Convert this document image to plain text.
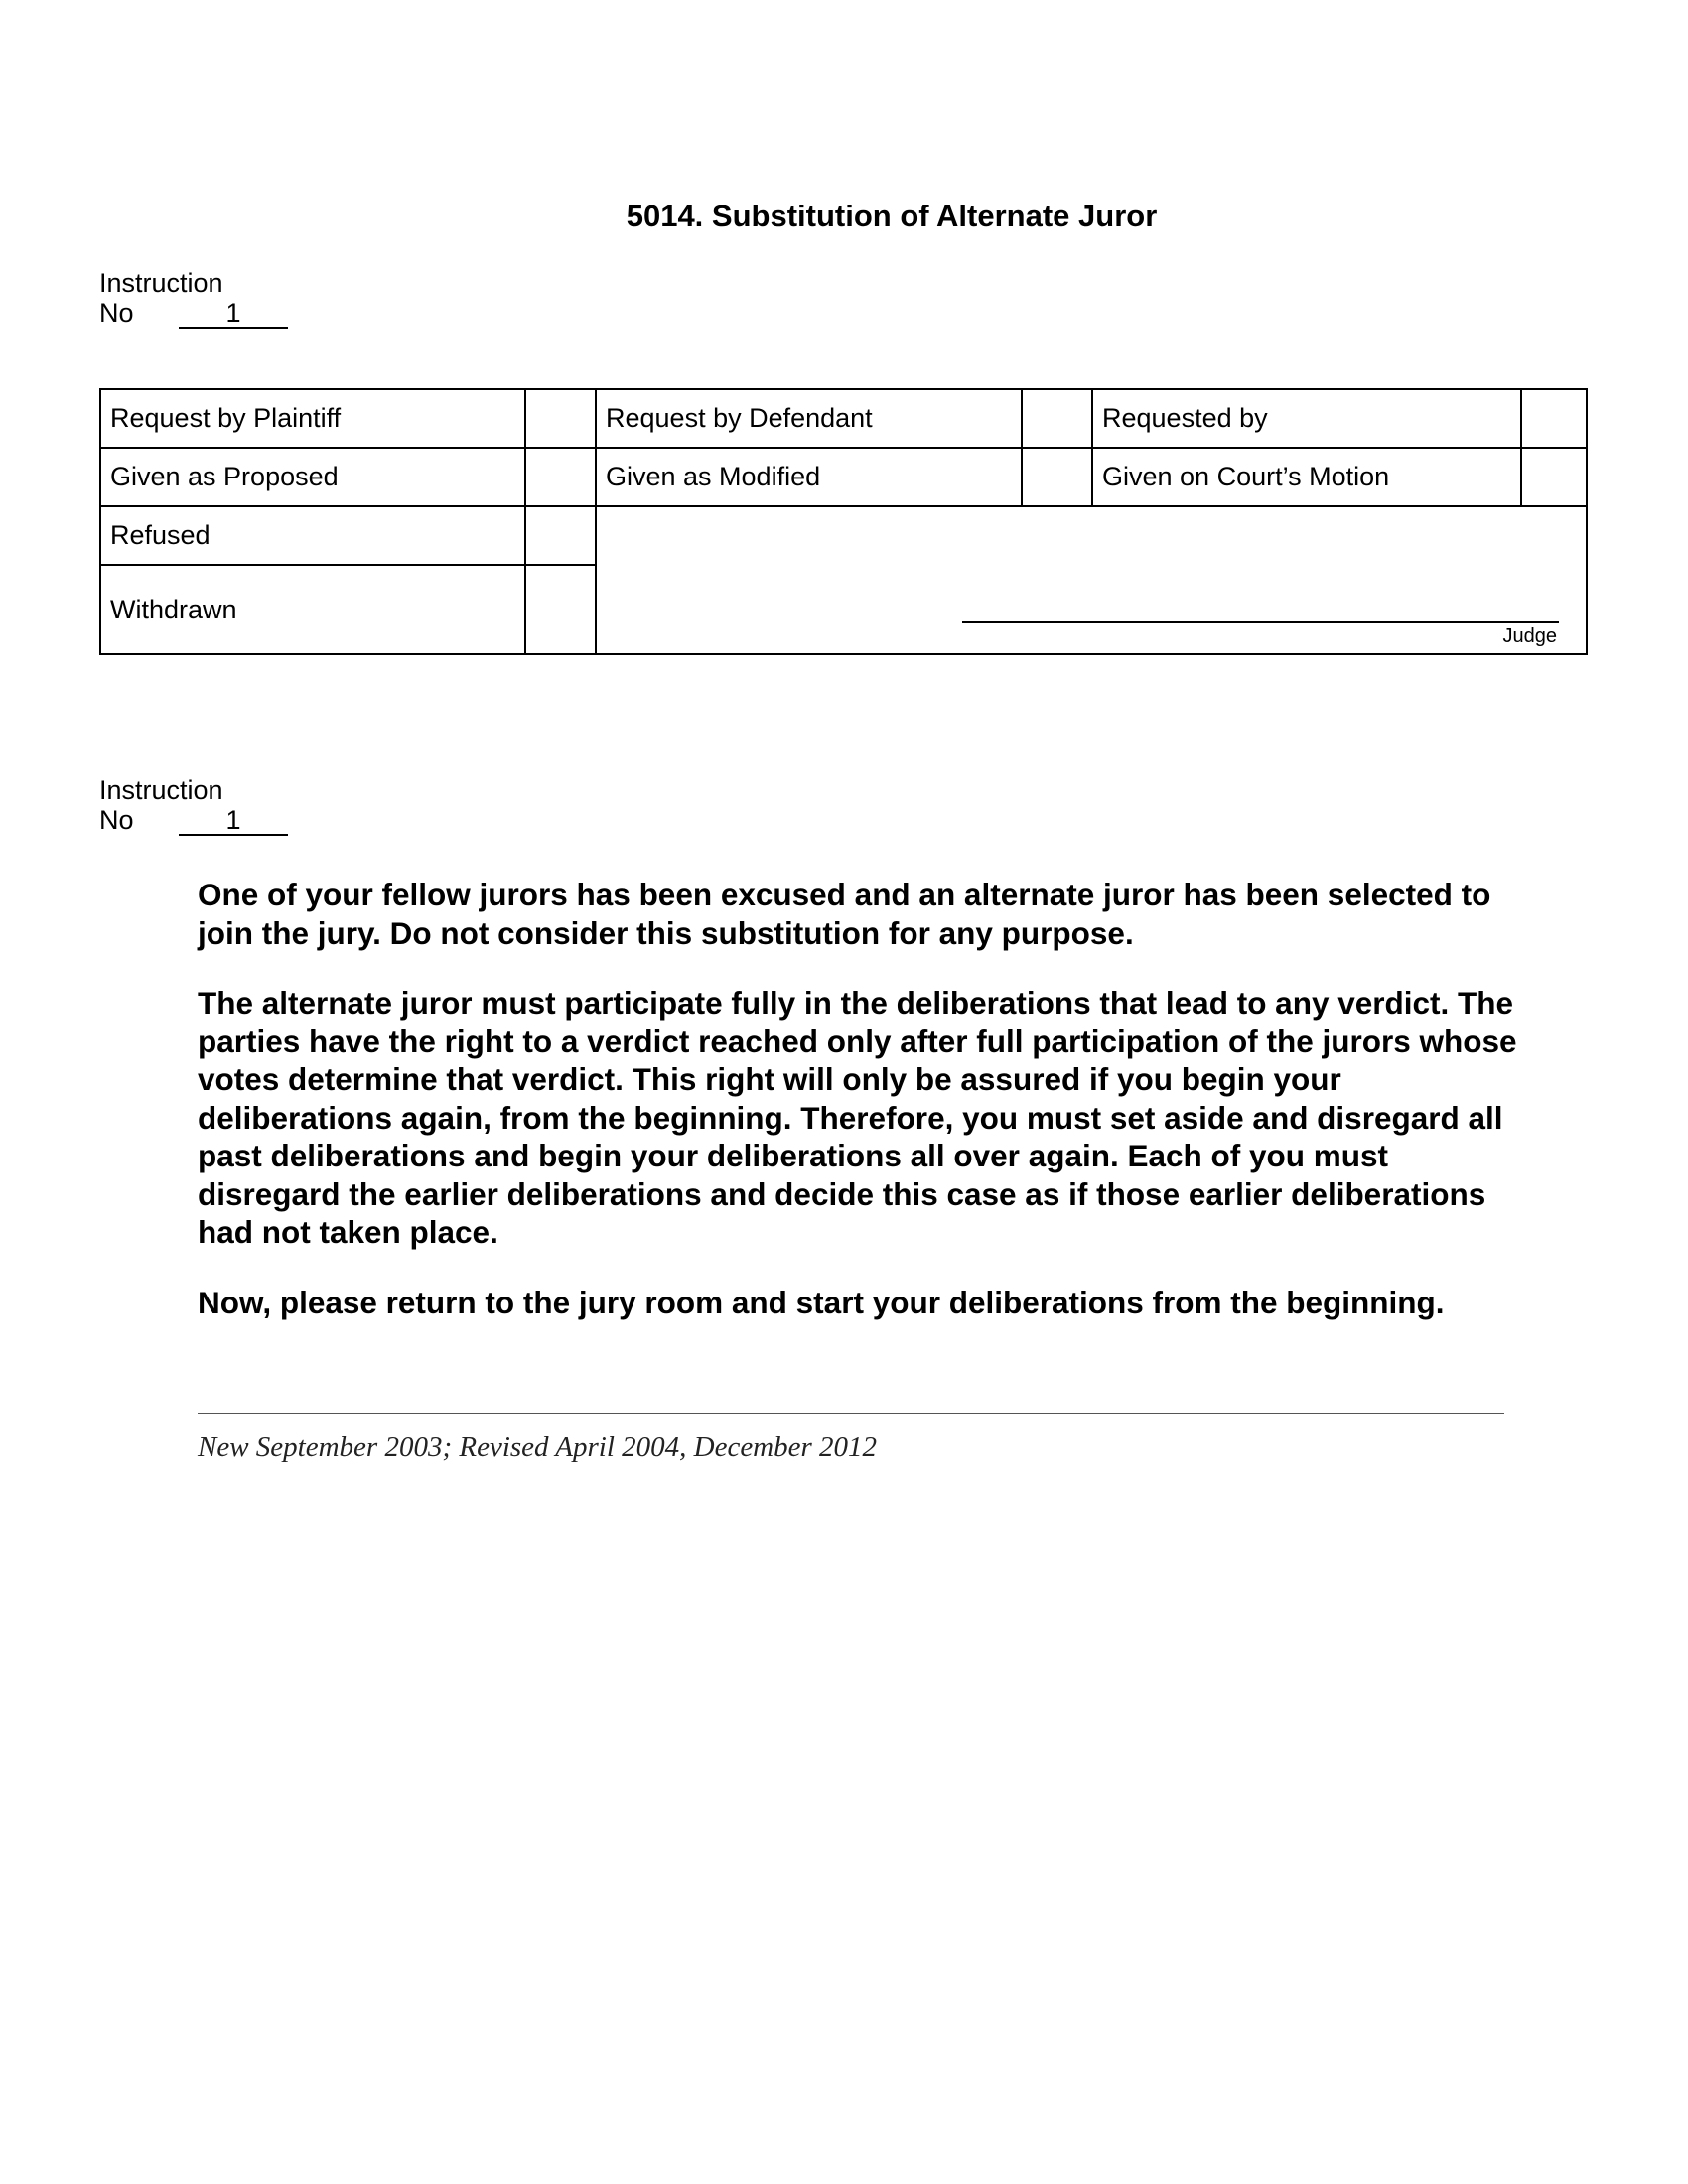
5014. Substitution of Alternate Juror
Instruction
No	1
Request by Plaintiff		Request by Defendant		Requested by	
Given as Proposed		Given as Modified		Given on Court’s Motion	
Refused		Judge			

Withdrawn					
Instruction
No	1

One of your fellow jurors has been excused and an alternate juror has been selected to join the jury. Do not consider this substitution for any purpose.

The alternate juror must participate fully in the deliberations that lead to any verdict. The parties have the right to a verdict reached only after full participation of the jurors whose votes determine that verdict. This right will only be assured if you begin your deliberations again, from the beginning. Therefore, you must set aside and disregard all past deliberations and begin your deliberations all over again. Each of you must disregard the earlier deliberations and decide this case as if those earlier deliberations had not taken place.

Now, please return to the jury room and start your deliberations from the beginning.

New September 2003; Revised April 2004, December 2012
